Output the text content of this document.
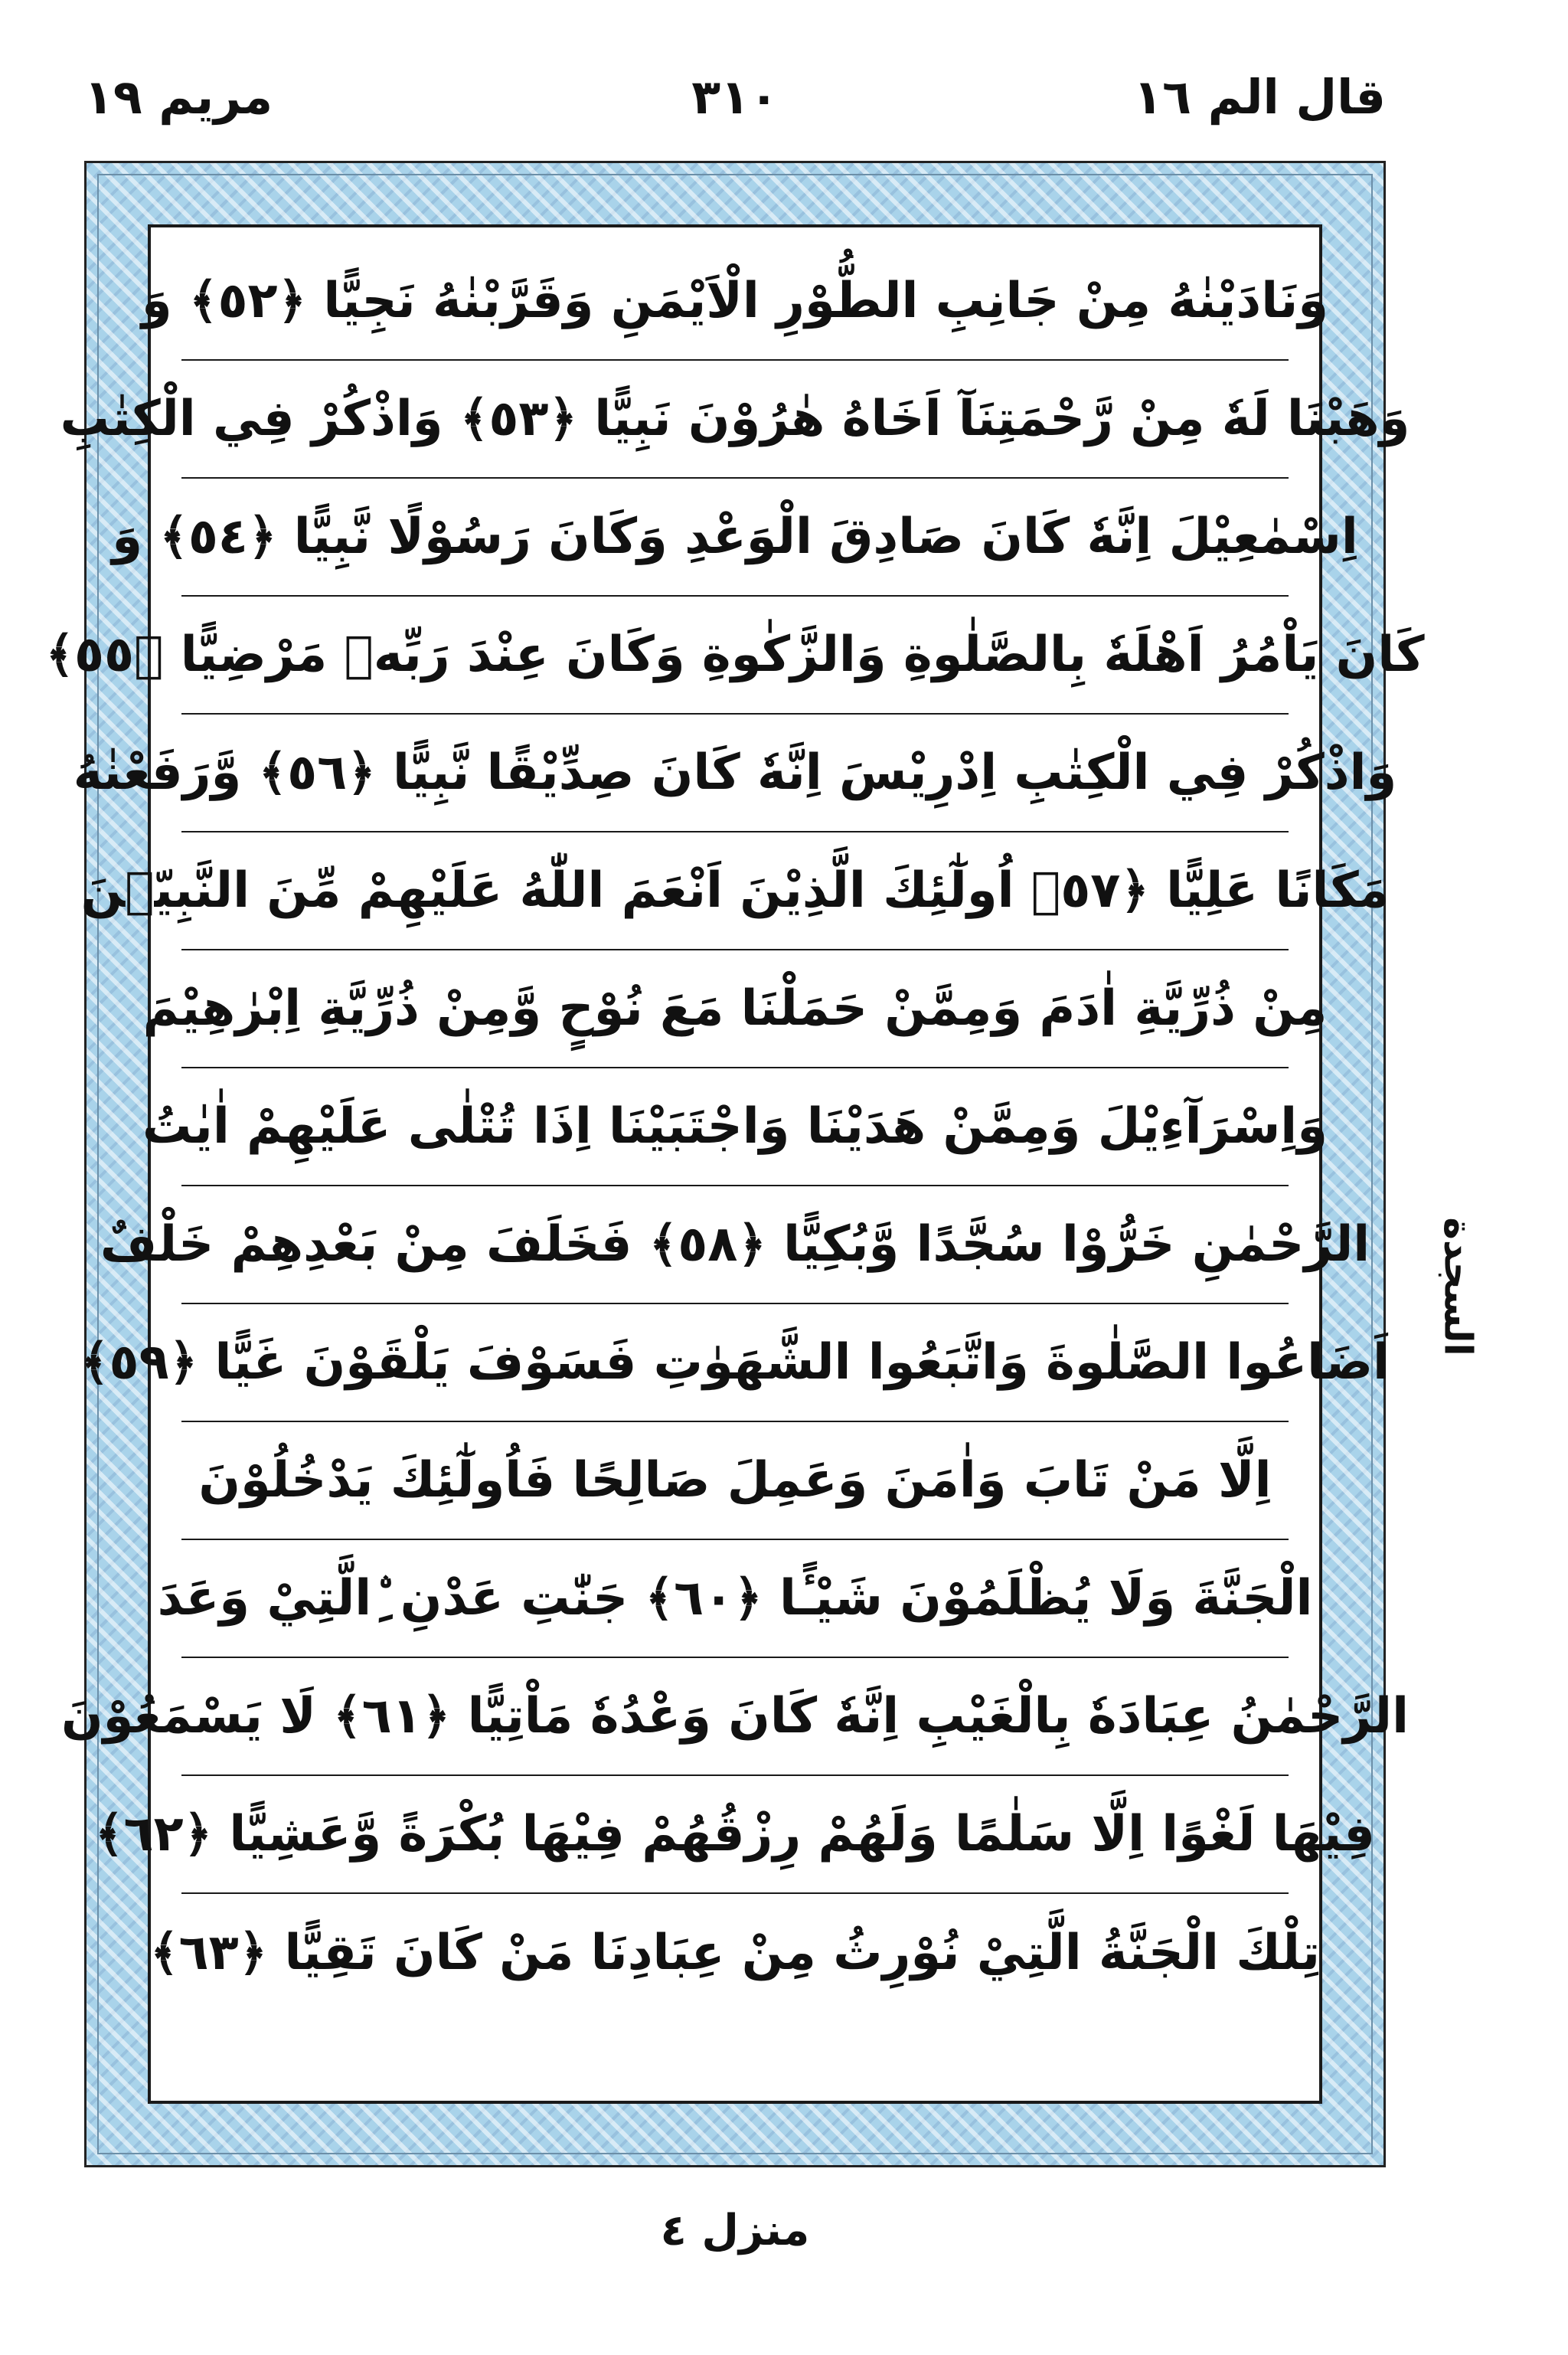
قال الم ١٦
٣١٠
مريم ١٩
وَنَادَيْنٰهُ مِنْ جَانِبِ الطُّوْرِ الْاَيْمَنِ وَقَرَّبْنٰهُ نَجِيًّا ﴿٥٢﴾ وَ
وَهَبْنَا لَهٗ مِنْ رَّحْمَتِنَآ اَخَاهُ هٰرُوْنَ نَبِيًّا ﴿٥٣﴾ وَاذْكُرْ فِي الْكِتٰبِ
اِسْمٰعِيْلَ اِنَّهٗ كَانَ صَادِقَ الْوَعْدِ وَكَانَ رَسُوْلًا نَّبِيًّا ﴿٥٤﴾ وَ
كَانَ يَاْمُرُ اَهْلَهٗ بِالصَّلٰوةِ وَالزَّكٰوةِ وَكَانَ عِنْدَ رَبِّهٖ مَرْضِيًّا ﴿٥٥﴾
وَاذْكُرْ فِي الْكِتٰبِ اِدْرِيْسَ اِنَّهٗ كَانَ صِدِّيْقًا نَّبِيًّا ﴿٥٦﴾ وَّرَفَعْنٰهُ
مَكَانًا عَلِيًّا ﴿٥٧﴾ اُولٰٓئِكَ الَّذِيْنَ اَنْعَمَ اللّٰهُ عَلَيْهِمْ مِّنَ النَّبِيّٖنَ
مِنْ ذُرِّيَّةِ اٰدَمَ وَمِمَّنْ حَمَلْنَا مَعَ نُوْحٍ وَّمِنْ ذُرِّيَّةِ اِبْرٰهِيْمَ
وَاِسْرَآءِيْلَ وَمِمَّنْ هَدَيْنَا وَاجْتَبَيْنَا اِذَا تُتْلٰى عَلَيْهِمْ اٰيٰتُ
الرَّحْمٰنِ خَرُّوْا سُجَّدًا وَّبُكِيًّا ﴿٥٨﴾ فَخَلَفَ مِنْ بَعْدِهِمْ خَلْفٌ
اَضَاعُوا الصَّلٰوةَ وَاتَّبَعُوا الشَّهَوٰتِ فَسَوْفَ يَلْقَوْنَ غَيًّا ﴿٥٩﴾
اِلَّا مَنْ تَابَ وَاٰمَنَ وَعَمِلَ صَالِحًا فَاُولٰٓئِكَ يَدْخُلُوْنَ
الْجَنَّةَ وَلَا يُظْلَمُوْنَ شَيْـًٔا ﴿٦٠﴾ جَنّٰتِ عَدْنِ ِۨالَّتِيْ وَعَدَ
الرَّحْمٰنُ عِبَادَهٗ بِالْغَيْبِ اِنَّهٗ كَانَ وَعْدُهٗ مَاْتِيًّا ﴿٦١﴾ لَا يَسْمَعُوْنَ
فِيْهَا لَغْوًا اِلَّا سَلٰمًا وَلَهُمْ رِزْقُهُمْ فِيْهَا بُكْرَةً وَّعَشِيًّا ﴿٦٢﴾
تِلْكَ الْجَنَّةُ الَّتِيْ نُوْرِثُ مِنْ عِبَادِنَا مَنْ كَانَ تَقِيًّا ﴿٦٣﴾
السجدة
منزل ٤
